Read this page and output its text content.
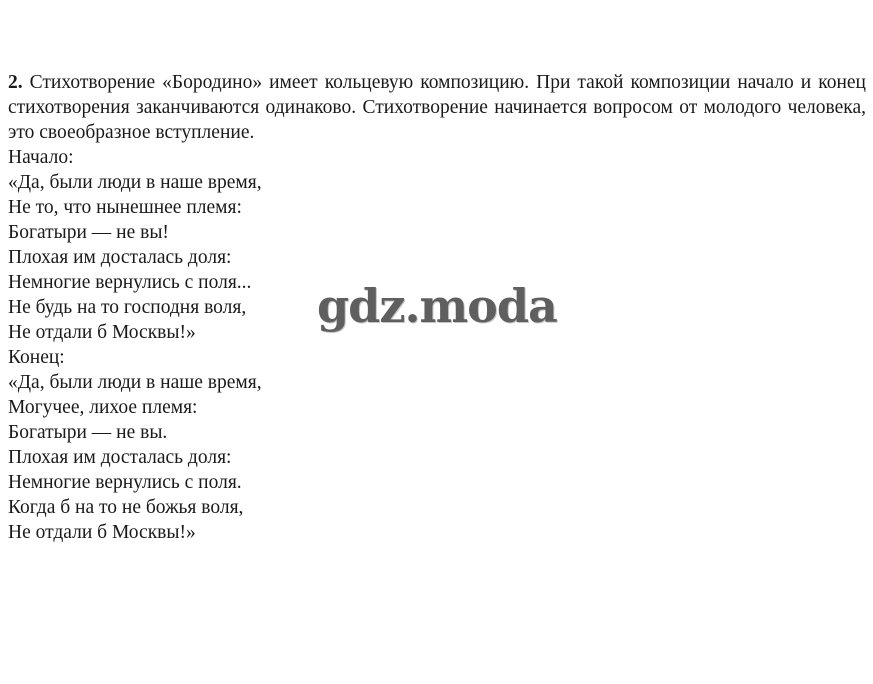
2. Стихотворение «Бородино» имеет кольцевую композицию. При такой композиции начало и конец стихотворения заканчиваются одинаково. Стихотворение начинается вопросом от молодого человека, это своеобразное вступление.

Начало:
«Да, были люди в наше время,
Не то, что нынешнее племя:
Богатыри — не вы!
Плохая им досталась доля:
Немногие вернулись с поля...
Не будь на то господня воля,
Не отдали б Москвы!»
Конец:
«Да, были люди в наше время,
Могучее, лихое племя:
Богатыри — не вы.
Плохая им досталась доля:
Немногие вернулись с поля.
Когда б на то не божья воля,
Не отдали б Москвы!»
gdz.moda
